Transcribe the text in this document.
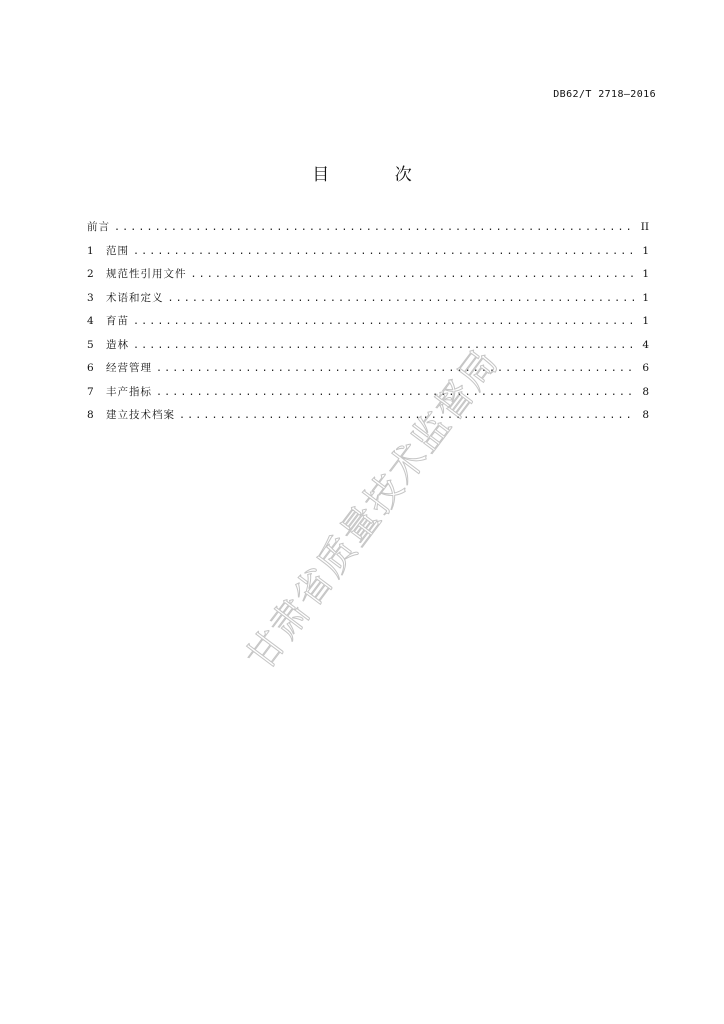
DB62/T 2718—2016
目 次
前言 .....	II
1	范围 .....	1
2	规范性引用文件 .....	1
3	术语和定义 .....	1
4	育苗 .....	1
5	造林 .....	4
6	经营管理 .....	6
7	丰产指标 .....	8
8	建立技术档案 .....	8
甘肃省质量技术监督局
